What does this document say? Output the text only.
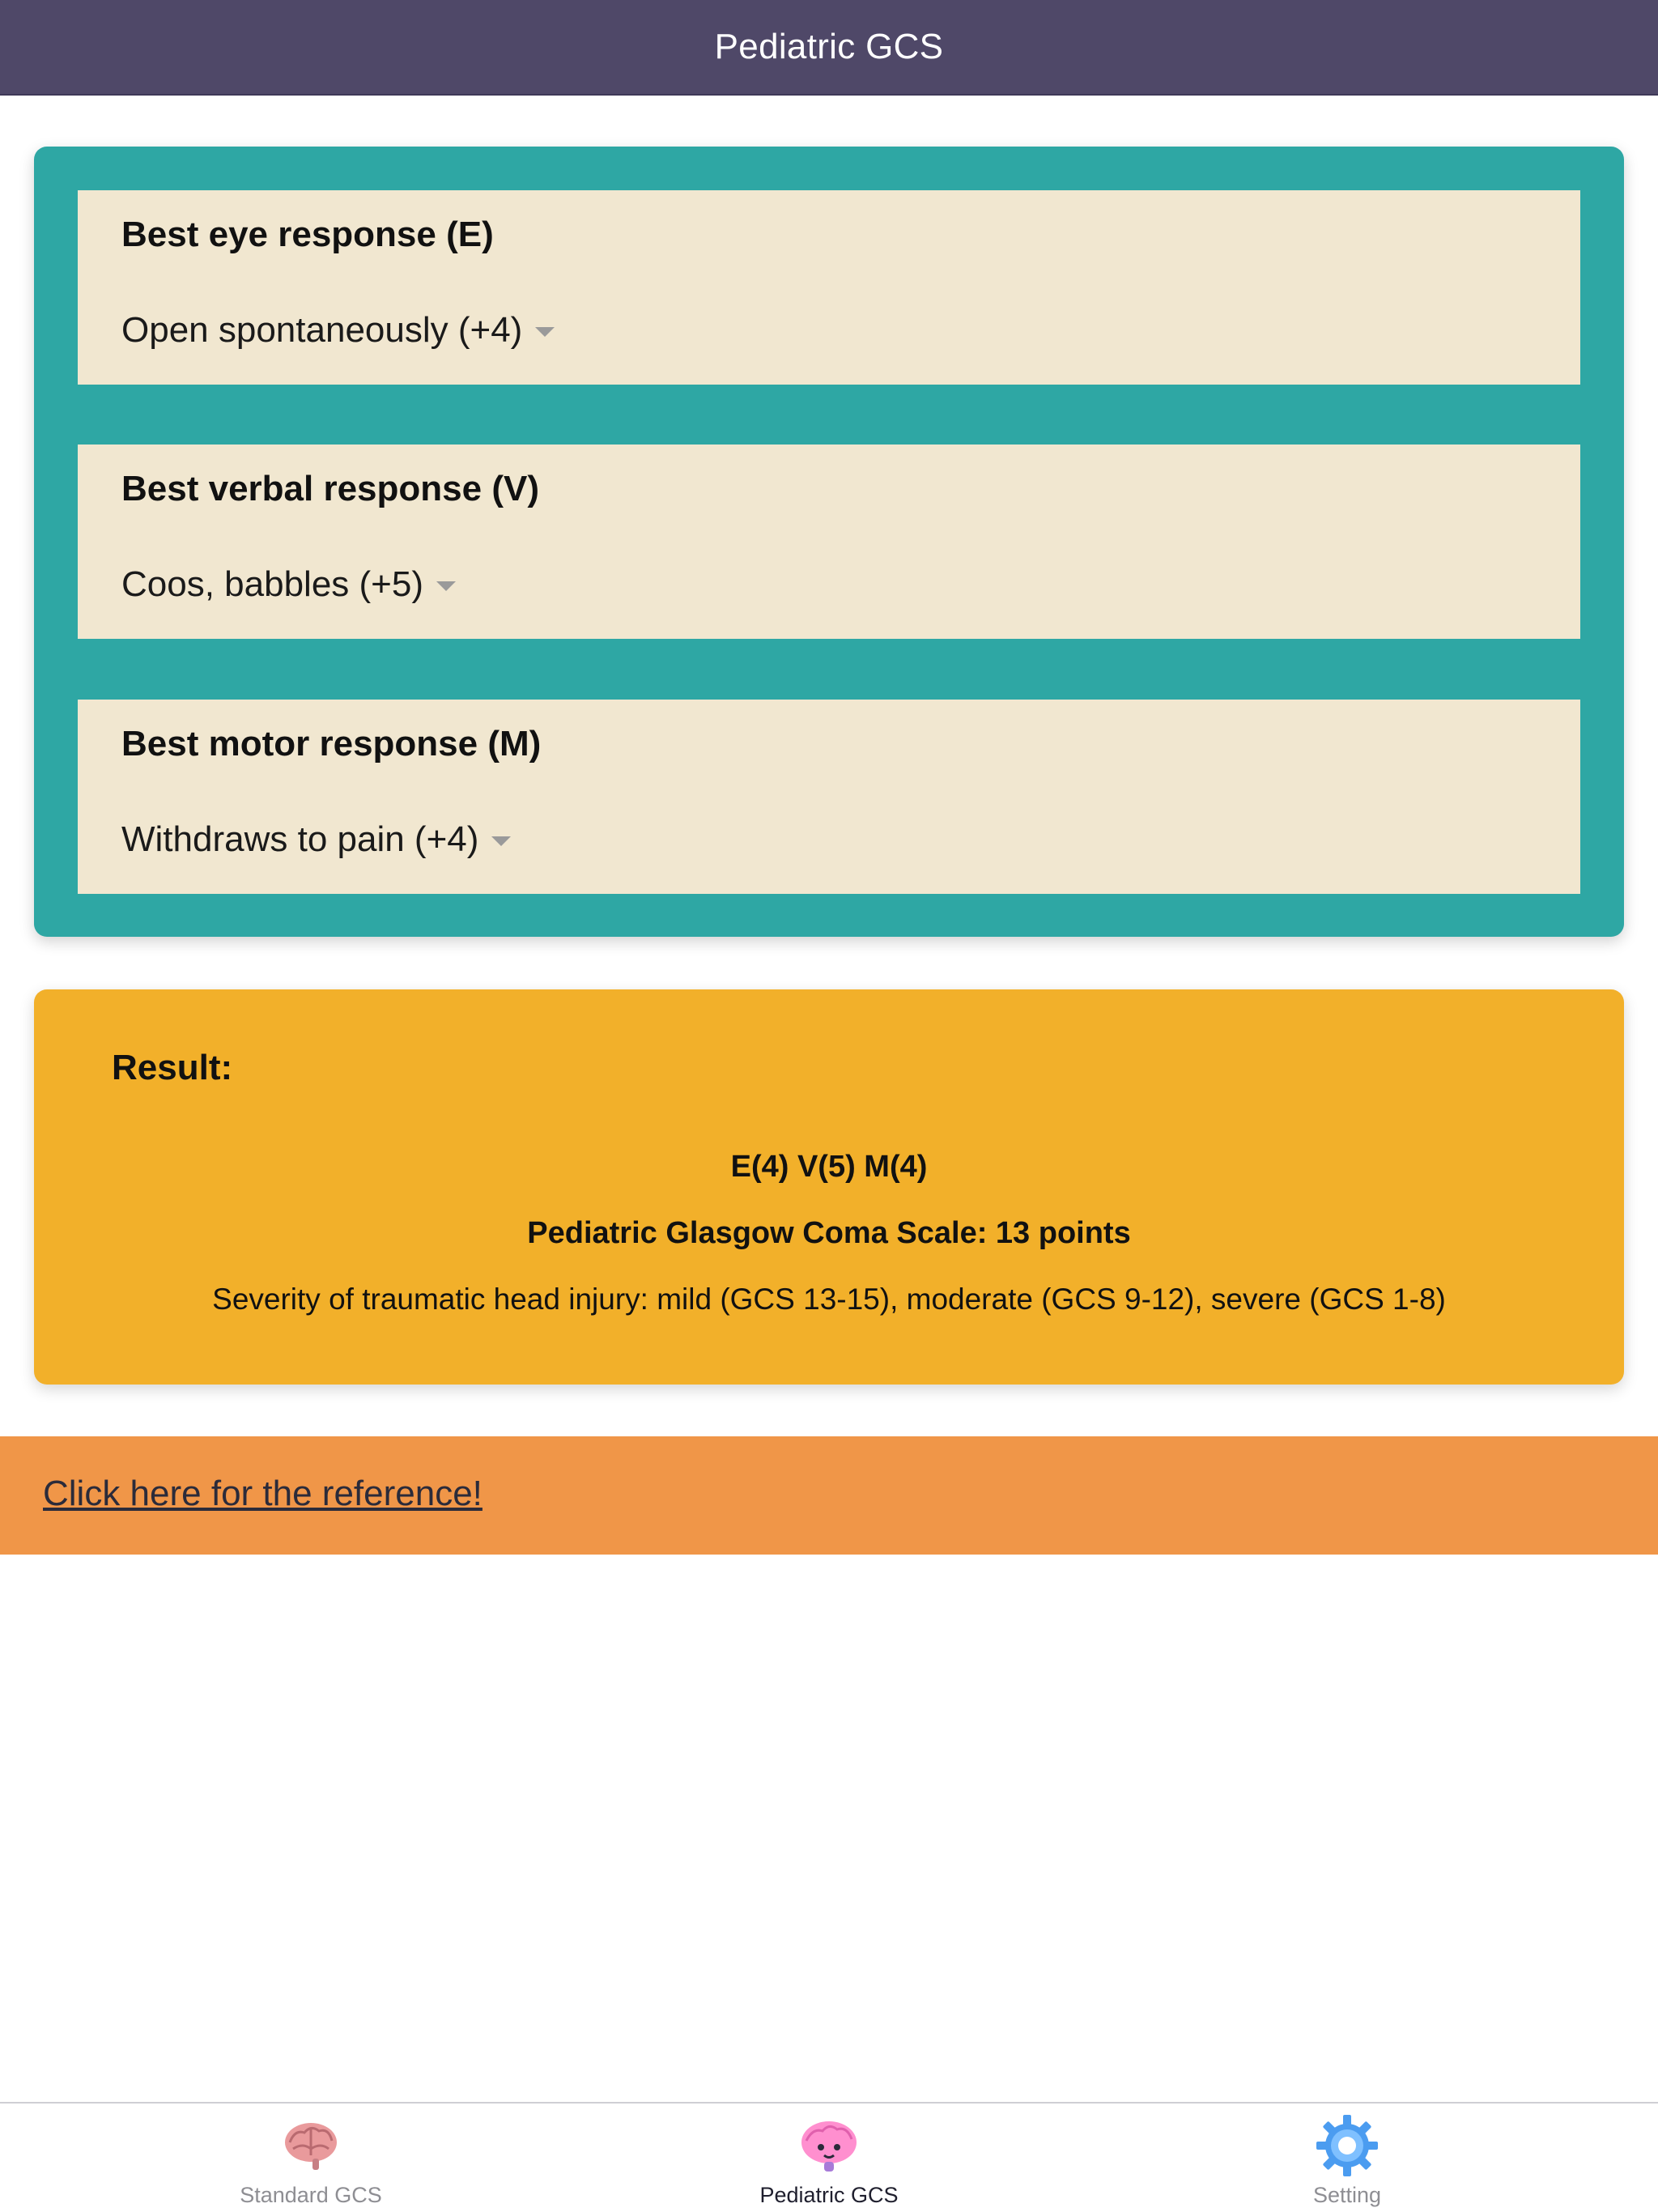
Pediatric GCS
Best eye response (E)
Open spontaneously (+4)
Best verbal response (V)
Coos, babbles (+5)
Best motor response (M)
Withdraws to pain (+4)
Result:
E(4) V(5) M(4)
Pediatric Glasgow Coma Scale: 13 points
Severity of traumatic head injury: mild (GCS 13-15), moderate (GCS 9-12), severe (GCS 1-8)
Click here for the reference!
Standard GCS	Pediatric GCS	Setting
